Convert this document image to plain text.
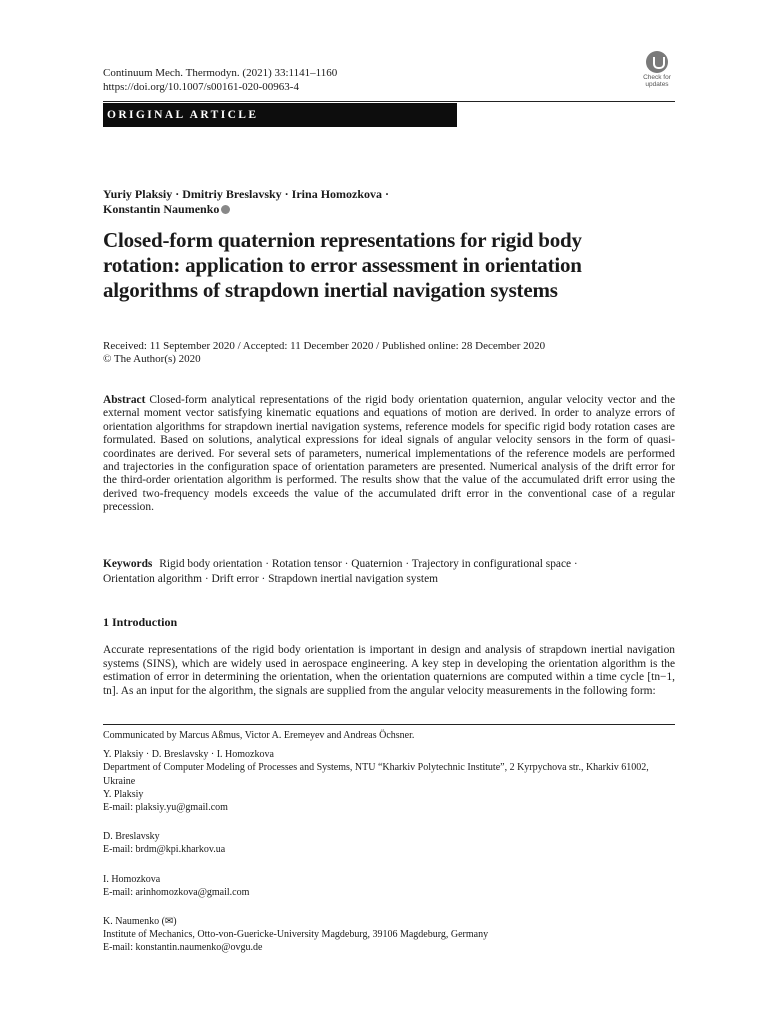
Continuum Mech. Thermodyn. (2021) 33:1141–1160
https://doi.org/10.1007/s00161-020-00963-4
Check for
updates
ORIGINAL ARTICLE
Yuriy Plaksiy · Dmitriy Breslavsky · Irina Homozkova ·
Konstantin Naumenko
Closed-form quaternion representations for rigid body
rotation: application to error assessment in orientation
algorithms of strapdown inertial navigation systems
Received: 11 September 2020 / Accepted: 11 December 2020 / Published online: 28 December 2020
© The Author(s) 2020
Abstract Closed-form analytical representations of the rigid body orientation quaternion, angular velocity vector and the external moment vector satisfying kinematic equations and equations of motion are derived. In order to analyze errors of orientation algorithms for strapdown inertial navigation systems, reference models for specific rigid body rotation cases are formulated. Based on solutions, analytical expressions for ideal signals of angular velocity sensors in the form of quasi-coordinates are derived. For several sets of parameters, numerical implementations of the reference models are performed and trajectories in the configuration space of orientation parameters are presented. Numerical analysis of the drift error for the third-order orientation algorithm is performed. The results show that the value of the accumulated drift error using the derived two-frequency models exceeds the value of the accumulated drift error in the conventional case of a regular precession.
Keywords Rigid body orientation · Rotation tensor · Quaternion · Trajectory in configurational space ·
Orientation algorithm · Drift error · Strapdown inertial navigation system
1 Introduction
Accurate representations of the rigid body orientation is important in design and analysis of strapdown inertial navigation systems (SINS), which are widely used in aerospace engineering. A key step in developing the orientation algorithm is the estimation of error in determining the orientation, when the orientation quaternions are computed within a time cycle [tn−1, tn]. As an input for the algorithm, the signals are supplied from the angular velocity measurements in the following form:
Communicated by Marcus Aßmus, Victor A. Eremeyev and Andreas Öchsner.
Y. Plaksiy · D. Breslavsky · I. Homozkova
Department of Computer Modeling of Processes and Systems, NTU “Kharkiv Polytechnic Institute”, 2 Kyrpychova str., Kharkiv 61002, Ukraine
Y. Plaksiy
E-mail: plaksiy.yu@gmail.com
D. Breslavsky
E-mail: brdm@kpi.kharkov.ua
I. Homozkova
E-mail: arinhomozkova@gmail.com
K. Naumenko (✉)
Institute of Mechanics, Otto-von-Guericke-University Magdeburg, 39106 Magdeburg, Germany
E-mail: konstantin.naumenko@ovgu.de
